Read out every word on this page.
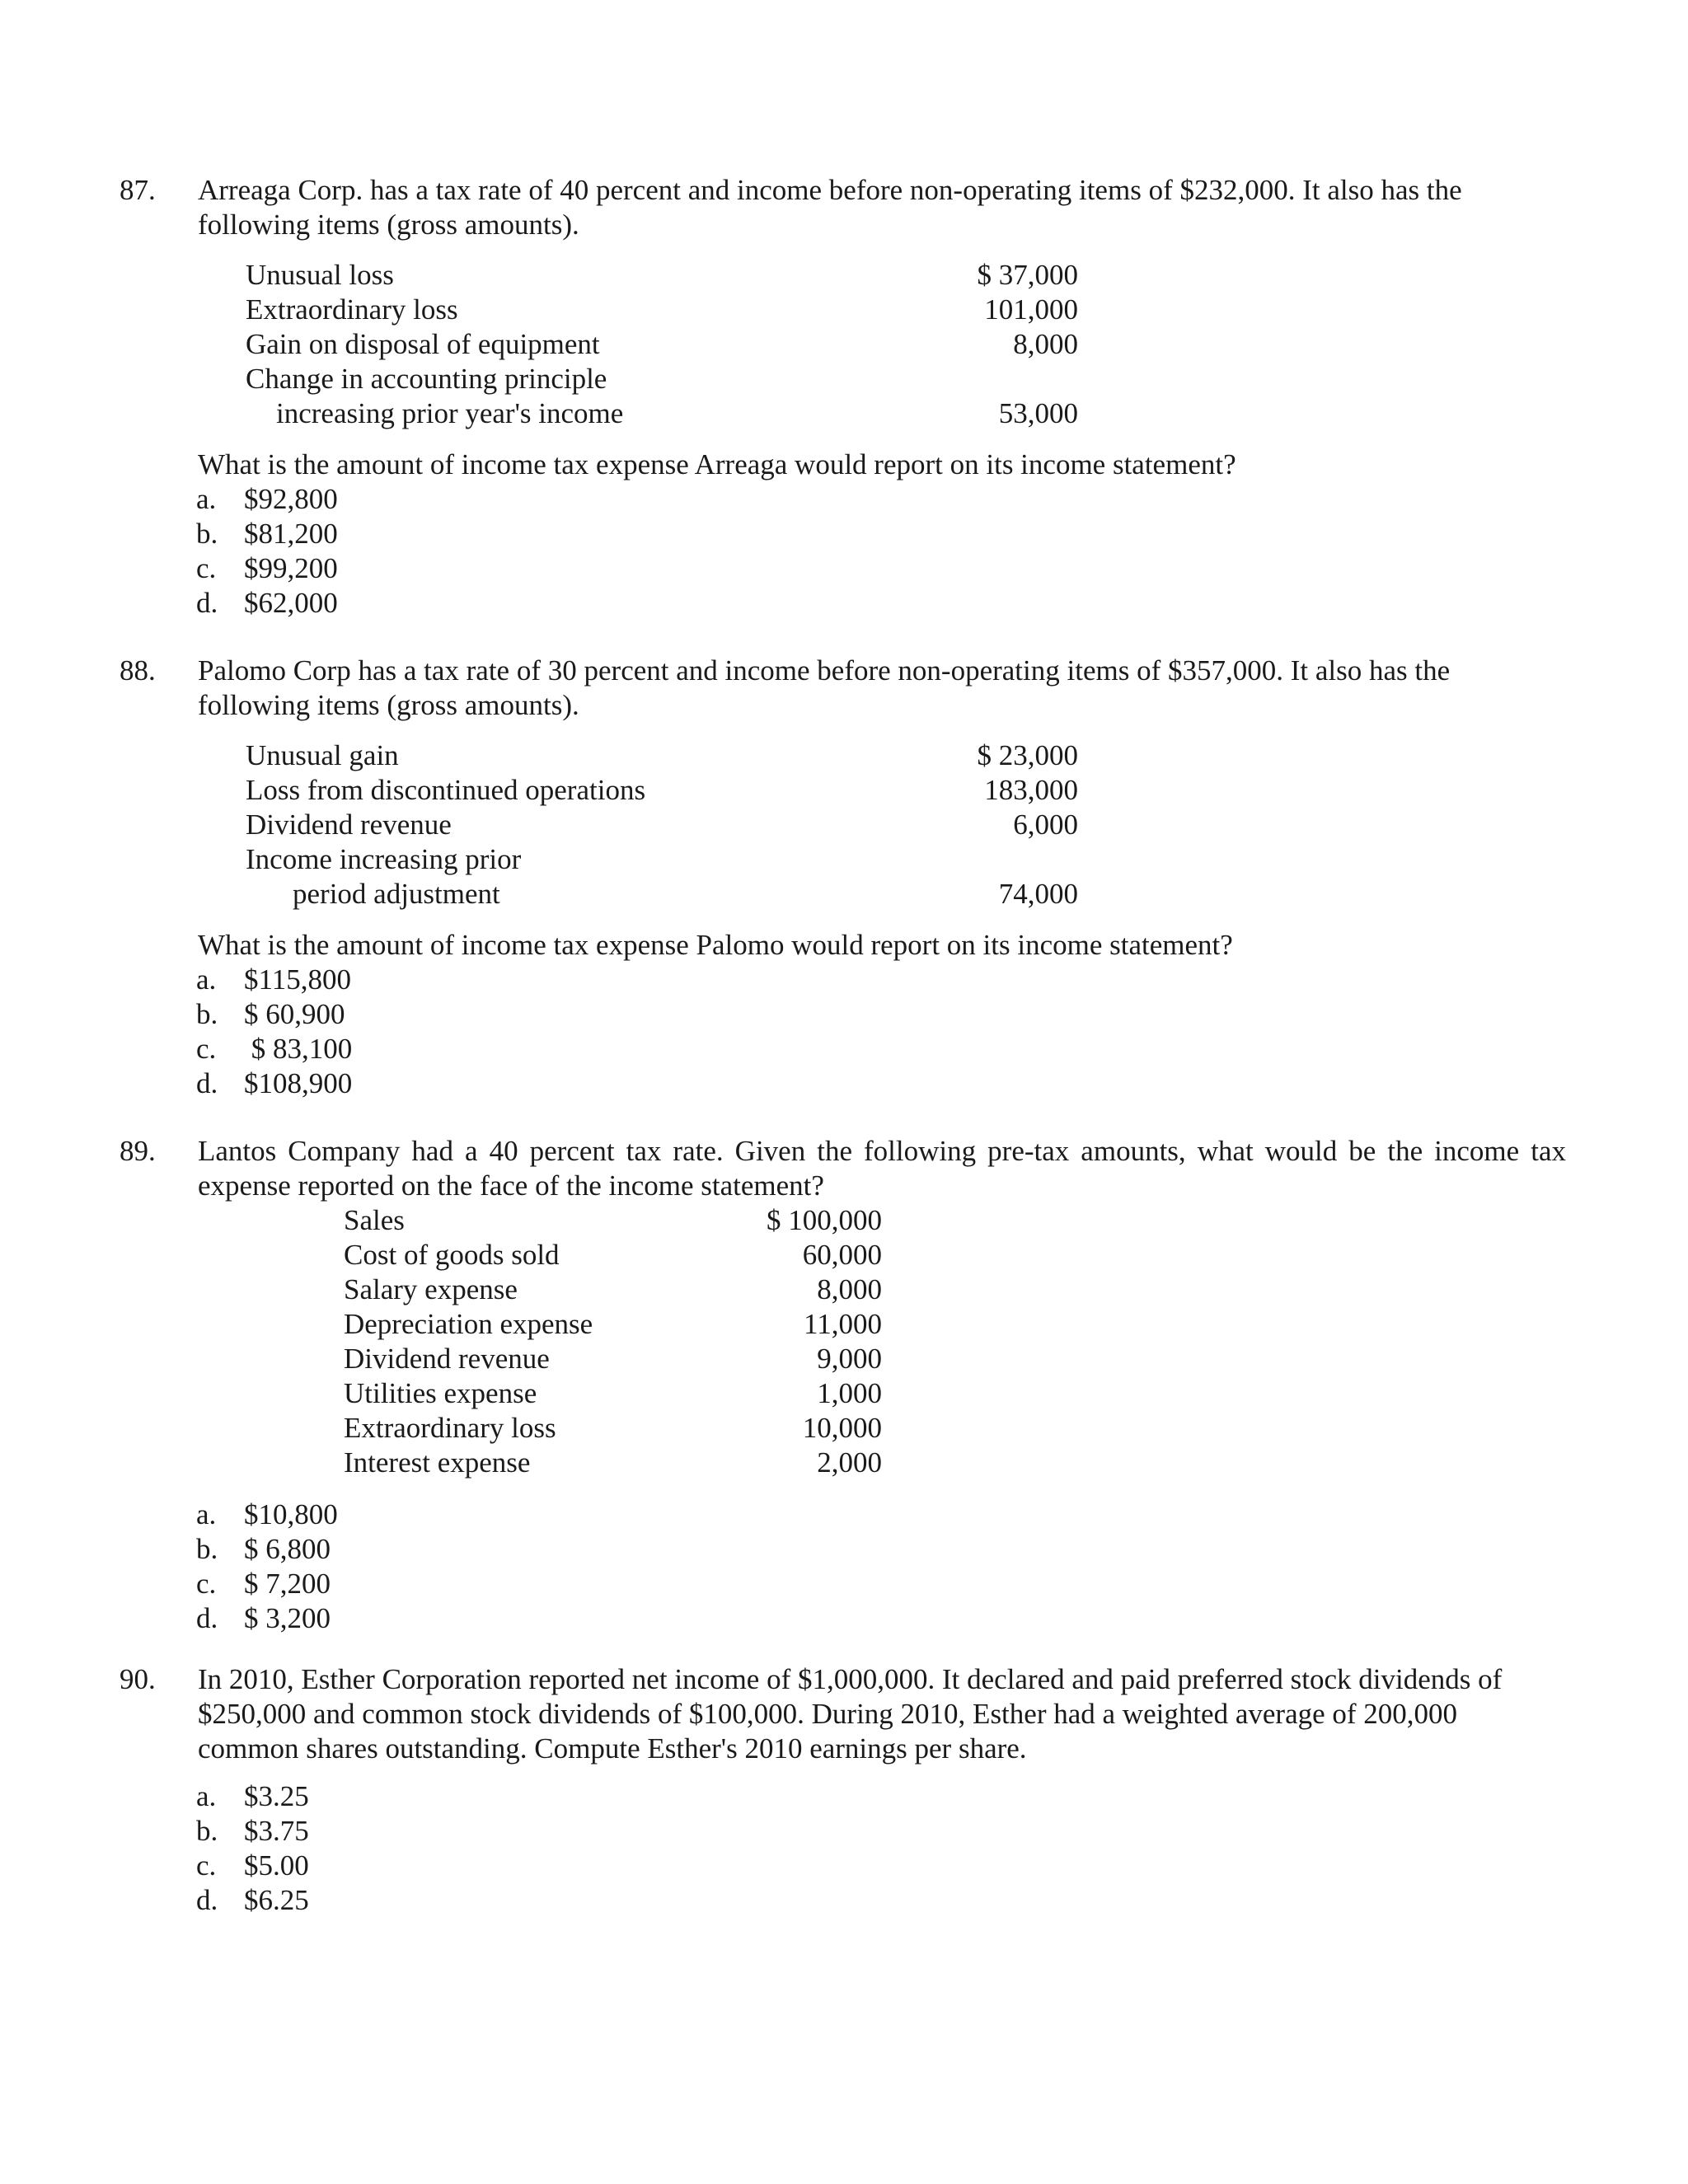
87. Arreaga Corp. has a tax rate of 40 percent and income before non-operating items of $232,000. It also has the
following items (gross amounts).
Unusual loss	$ 37,000
Extraordinary loss	101,000
Gain on disposal of equipment	8,000
Change in accounting principle
increasing prior year's income	53,000
What is the amount of income tax expense Arreaga would report on its income statement?

a.

$92,800

b.

$81,200

c.

$99,200

d.

$62,000

88. Palomo Corp has a tax rate of 30 percent and income before non-operating items of $357,000. It also has the
following items (gross amounts).
Unusual gain	$ 23,000
Loss from discontinued operations	183,000
Dividend revenue	6,000
Income increasing prior
period adjustment	74,000
What is the amount of income tax expense Palomo would report on its income statement?

a.

$115,800

b.

$ 60,900

c.

$ 83,100

d.

$108,900

89. Lantos Company had a 40 percent tax rate. Given the following pre-tax amounts, what would be the income tax
expense reported on the face of the income statement?
Sales	$ 100,000
Cost of goods sold	60,000
Salary expense	8,000
Depreciation expense	11,000
Dividend revenue	9,000
Utilities expense	1,000
Extraordinary loss	10,000
Interest expense	2,000

a.

$10,800

b.

$ 6,800

c.

$ 7,200

d.

$ 3,200

90. In 2010, Esther Corporation reported net income of $1,000,000. It declared and paid preferred stock dividends of
$250,000 and common stock dividends of $100,000. During 2010, Esther had a weighted average of 200,000
common shares outstanding. Compute Esther's 2010 earnings per share.

a.

$3.25

b.

$3.75

c.

$5.00

d.

$6.25
